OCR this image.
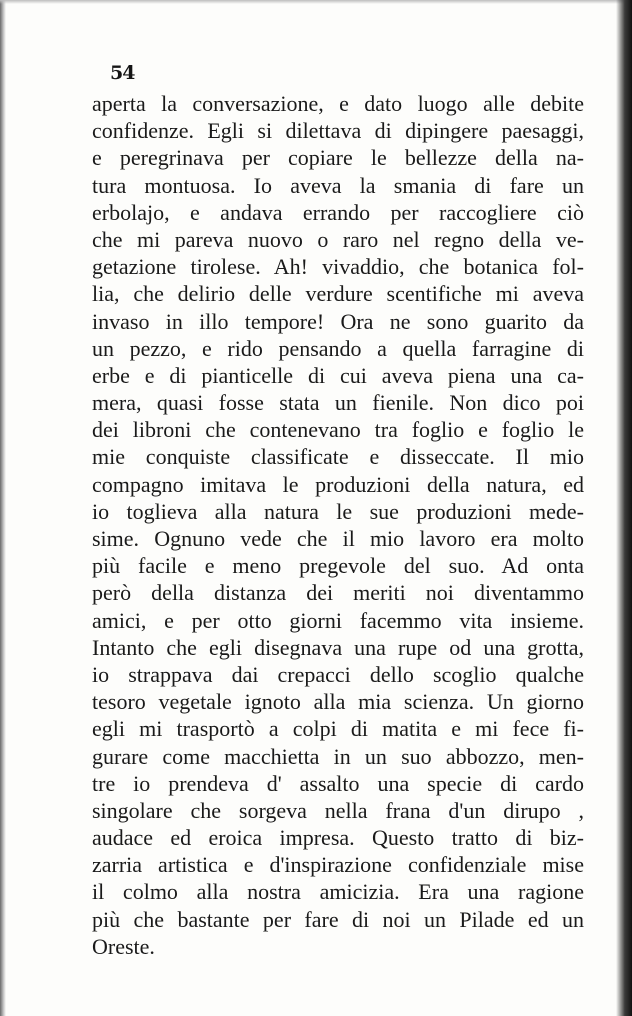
54
aperta la conversazione, e dato luogo alle debite
confidenze. Egli si dilettava di dipingere paesaggi,
e peregrinava per copiare le bellezze della na-
tura montuosa. Io aveva la smania di fare un
erbolajo, e andava errando per raccogliere ciò
che mi pareva nuovo o raro nel regno della ve-
getazione tirolese. Ah! vivaddio, che botanica fol-
lia, che delirio delle verdure scentifiche mi aveva
invaso in illo tempore! Ora ne sono guarito da
un pezzo, e rido pensando a quella farragine di
erbe e di pianticelle di cui aveva piena una ca-
mera, quasi fosse stata un fienile. Non dico poi
dei libroni che contenevano tra foglio e foglio le
mie conquiste classificate e disseccate. Il mio
compagno imitava le produzioni della natura, ed
io toglieva alla natura le sue produzioni mede-
sime. Ognuno vede che il mio lavoro era molto
più facile e meno pregevole del suo. Ad onta
però della distanza dei meriti noi diventammo
amici, e per otto giorni facemmo vita insieme.
Intanto che egli disegnava una rupe od una grotta,
io strappava dai crepacci dello scoglio qualche
tesoro vegetale ignoto alla mia scienza. Un giorno
egli mi trasportò a colpi di matita e mi fece fi-
gurare come macchietta in un suo abbozzo, men-
tre io prendeva d' assalto una specie di cardo
singolare che sorgeva nella frana d'un dirupo ,
audace ed eroica impresa. Questo tratto di biz-
zarria artistica e d'inspirazione confidenziale mise
il colmo alla nostra amicizia. Era una ragione
più che bastante per fare di noi un Pilade ed un
Oreste.
